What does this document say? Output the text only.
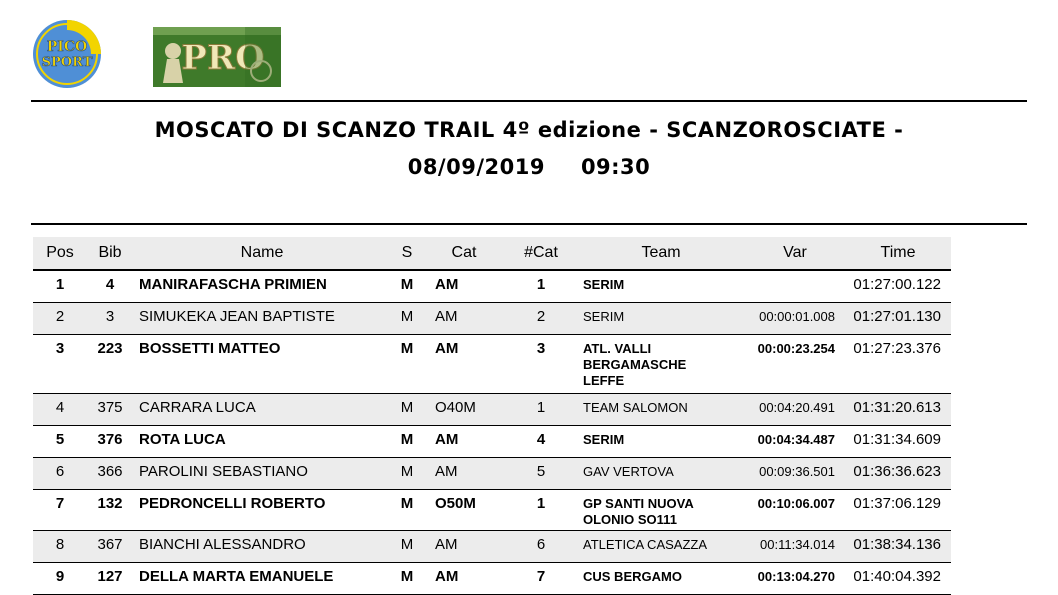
PICO
SPORT	PRO
MOSCATO DI SCANZO TRAIL 4º edizione - SCANZOROSCIATE -
08/09/2019 09:30
Pos	Bib	Name	S	Cat	#Cat	Team	Var	Time

1	4	MANIRAFASCHA PRIMIEN	M	AM	1	SERIM		01:27:00.122

2	3	SIMUKEKA JEAN BAPTISTE	M	AM	2	SERIM	00:00:01.008	01:27:01.130

3	223	BOSSETTI MATTEO	M	AM	3	ATL. VALLI BERGAMASCHE LEFFE	00:00:23.254	01:27:23.376

4	375	CARRARA LUCA	M	O40M	1	TEAM SALOMON	00:04:20.491	01:31:20.613

5	376	ROTA LUCA	M	AM	4	SERIM	00:04:34.487	01:31:34.609

6	366	PAROLINI SEBASTIANO	M	AM	5	GAV VERTOVA	00:09:36.501	01:36:36.623

7	132	PEDRONCELLI ROBERTO	M	O50M	1	GP SANTI NUOVA OLONIO SO111	00:10:06.007	01:37:06.129

8	367	BIANCHI ALESSANDRO	M	AM	6	ATLETICA CASAZZA	00:11:34.014	01:38:34.136

9	127	DELLA MARTA EMANUELE	M	AM	7	CUS BERGAMO	00:13:04.270	01:40:04.392
